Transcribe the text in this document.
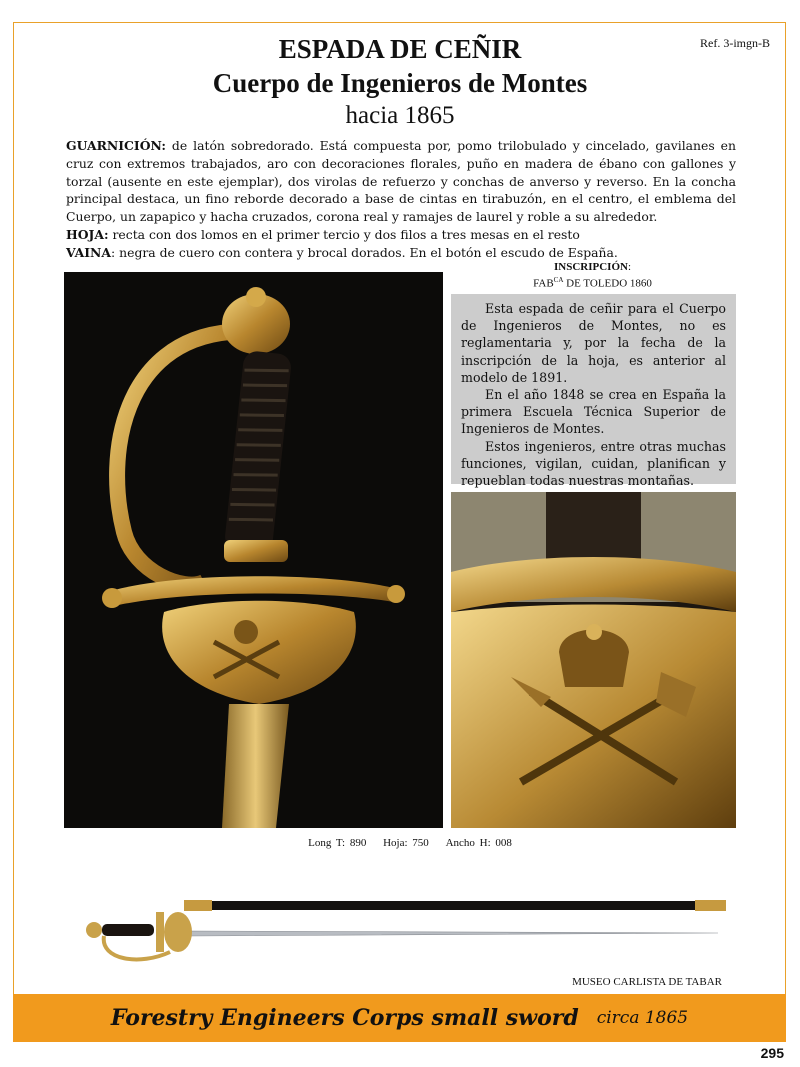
Ref. 3-imgn-B
ESPADA DE CEÑIR
Cuerpo de Ingenieros de Montes
hacia 1865
GUARNICIÓN: de latón sobredorado. Está compuesta por, pomo trilobulado y cincelado, gavilanes en cruz con extremos trabajados, aro con decoraciones florales, puño en madera de ébano con gallones y torzal (ausente en este ejemplar), dos virolas de refuerzo y conchas de anverso y reverso. En la concha principal destaca, un fino reborde decorado a base de cintas en tirabuzón, en el centro, el emblema del Cuerpo, un zapapico y hacha cruzados, corona real y ramajes de laurel y roble a su alrededor.
HOJA: recta con dos lomos en el primer tercio y dos filos a tres mesas en el resto
VAINA: negra de cuero con contera y brocal dorados. En el botón el escudo de España.
INSCRIPCIÓN:
$FAB^{CA}$ DE TOLEDO 1860

Esta espada de ceñir para el Cuerpo de Ingenieros de Montes, no es reglamentaria y, por la fecha de la inscripción de la hoja, es anterior al modelo de 1891.

En el año 1848 se crea en España la primera Escuela Técnica Superior de Ingenieros de Montes.

Estos ingenieros, entre otras muchas funciones, vigilan, cuidan, planifican y repueblan todas nuestras montañas.

Long T: 890 Hoja: 750 Ancho H: 008
MUSEO CARLISTA DE TABAR
Forestry Engineers Corps small sword circa 1865
295
